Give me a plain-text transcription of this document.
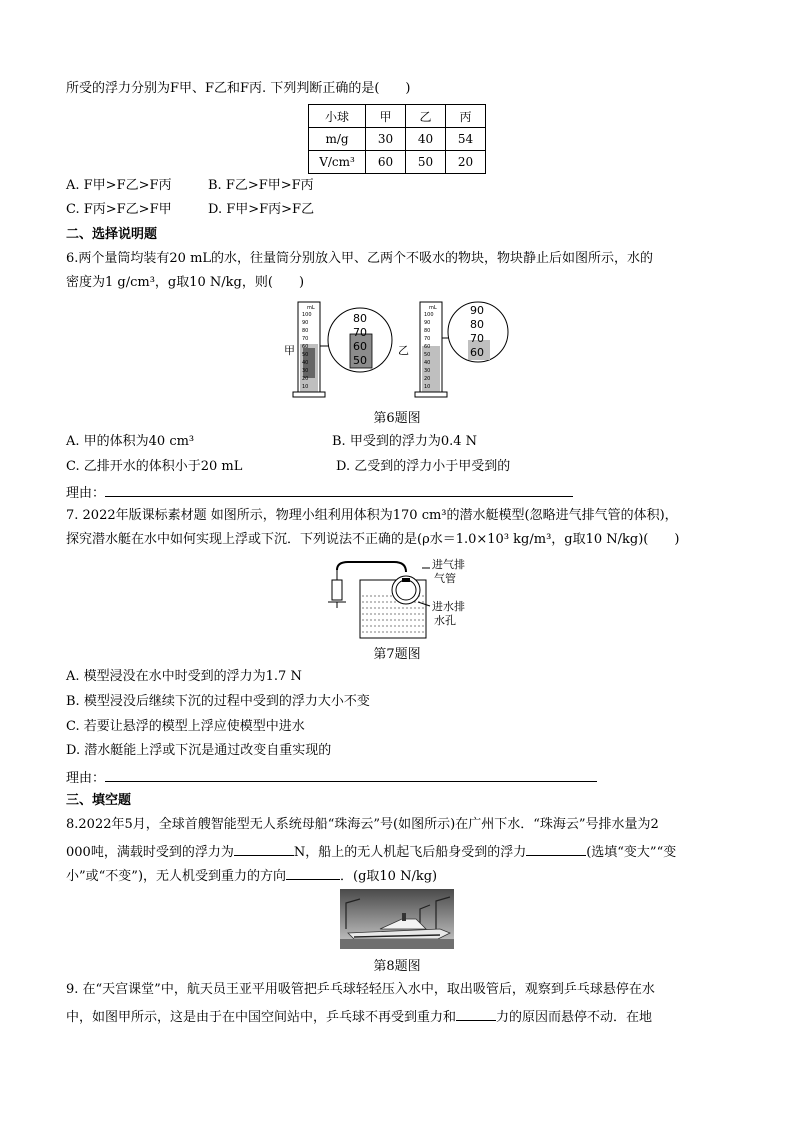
所受的浮力分别为F甲、F乙和F丙. 下列判断正确的是(　　)
小球	甲	乙	丙
m/g	30	40	54
V/cm³	60	50	20
A. F甲>F乙>F丙	B. F乙>F甲>F丙
C. F丙>F乙>F甲	D. F甲>F丙>F乙
二、选择说明题
6.两个量筒均装有20 mL的水，往量筒分别放入甲、乙两个不吸水的物块，物块静止后如图所示，水的
密度为1 g/cm³，g取10 N/kg，则(　　)
甲
mL
100
90
80
70
60
50
40
30
20
10
80
70
60
50
乙
mL
100
90
80
70
60
50
40
30
20
10
90
80
70
60
第6题图
A. 甲的体积为40 cm³	B. 甲受到的浮力为0.4 N
C. 乙排开水的体积小于20 mL	D. 乙受到的浮力小于甲受到的
理由：
7. 2022年版课标素材题 如图所示，物理小组利用体积为170 cm³的潜水艇模型(忽略进气排气管的体积)，
探究潜水艇在水中如何实现上浮或下沉．下列说法不正确的是(ρ水＝1.0×10³ kg/m³，g取10 N/kg)(　　)
进气排
气管
进水排
水孔
第7题图
A. 模型浸没在水中时受到的浮力为1.7 N
B. 模型浸没后继续下沉的过程中受到的浮力大小不变
C. 若要让悬浮的模型上浮应使模型中进水
D. 潜水艇能上浮或下沉是通过改变自重实现的
理由：
三、填空题
8.2022年5月，全球首艘智能型无人系统母船“珠海云”号(如图所示)在广州下水．“珠海云”号排水量为2
000吨，满载时受到的浮力为	N，船上的无人机起飞后船身受到的浮力	(选填“变大”“变
小”或“不变”)，无人机受到重力的方向	．(g取10 N/kg)
第8题图
9. 在“天宫课堂”中，航天员王亚平用吸管把乒乓球轻轻压入水中，取出吸管后，观察到乒乓球悬停在水
中，如图甲所示，这是由于在中国空间站中，乒乓球不再受到重力和	力的原因而悬停不动．在地
